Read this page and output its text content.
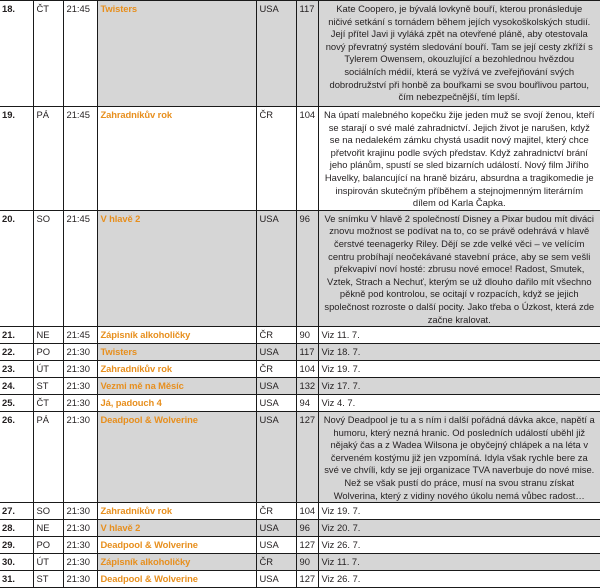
18.	ČT	21:45	Twisters	USA	117	Kate Coopero, je bývalá lovkyně bouří, kterou pronásleduje ničivé setkání s tornádem během jejích vysokoškolských studií. Její přítel Javi ji vyláká zpět na otevřené pláně, aby otestovala nový převratný systém sledování bouří. Tam se její cesty zkříží s Tylerem Owensem, okouzlující a bezohlednou hvězdou sociálních médií, která se vyžívá ve zveřejňování svých dobrodružství při honbě za bouřkami se svou bouřlivou partou, čím nebezpečnější, tím lepší.
19.	PÁ	21:45	Zahradníkův rok	ČR	104	Na úpatí malebného kopečku žije jeden muž se svojí ženou, kteří se starají o své malé zahradnictví. Jejich život je narušen, když se na nedalekém zámku chystá usadit nový majitel, který chce přetvořit krajinu podle svých představ. Když zahradnictví brání jeho plánům, spustí se sled bizarních událostí. Nový film Jiřího Havelky, balancující na hraně bizáru, absurdna a tragikomedie je inspirován skutečným příběhem a stejnojmenným literárním dílem od Karla Čapka.
20.	SO	21:45	V hlavě 2	USA	96	Ve snímku V hlavě 2 společností Disney a Pixar budou mít diváci znovu možnost se podívat na to, co se právě odehrává v hlavě čerstvé teenagerky Riley. Dějí se zde velké věci – ve velícím centru probíhají neočekávané stavební práce, aby se sem vešli překvapiví noví hosté: zbrusu nové emoce! Radost, Smutek, Vztek, Strach a Nechuť, kterým se už dlouho dařilo mít všechno pěkně pod kontrolou, se ocitají v rozpacích, když se jejich společnost rozroste o další pocity. Jako třeba o Úzkost, která zde začne kralovat.
21.	NE	21:45	Zápisník alkoholičky	ČR	90	Viz 11. 7.
22.	PO	21:30	Twisters	USA	117	Viz 18. 7.
23.	ÚT	21:30	Zahradníkův rok	ČR	104	Viz 19. 7.
24.	ST	21:30	Vezmi mě na Měsíc	USA	132	Viz 17. 7.
25.	ČT	21:30	Já, padouch 4	USA	94	Viz 4. 7.
26.	PÁ	21:30	Deadpool & Wolverine	USA	127	Nový Deadpool je tu a s ním i další pořádná dávka akce, napětí a humoru, který nezná hranic. Od posledních událostí uběhl již nějaký čas a z Wadea Wilsona je obyčejný chlápek a na léta v červeném kostýmu již jen vzpomíná. Idyla však rychle bere za své ve chvíli, kdy se jeji organizace TVA naverbuje do nové mise. Než se však pustí do práce, musí na svou stranu získat Wolverina, který z vidiny nového úkolu nemá vůbec radost…
27.	SO	21:30	Zahradníkův rok	ČR	104	Viz 19. 7.
28.	NE	21:30	V hlavě 2	USA	96	Viz 20. 7.
29.	PO	21:30	Deadpool & Wolverine	USA	127	Viz 26. 7.
30.	ÚT	21:30	Zápisník alkoholičky	ČR	90	Viz 11. 7.
31.	ST	21:30	Deadpool & Wolverine	USA	127	Viz 26. 7.
